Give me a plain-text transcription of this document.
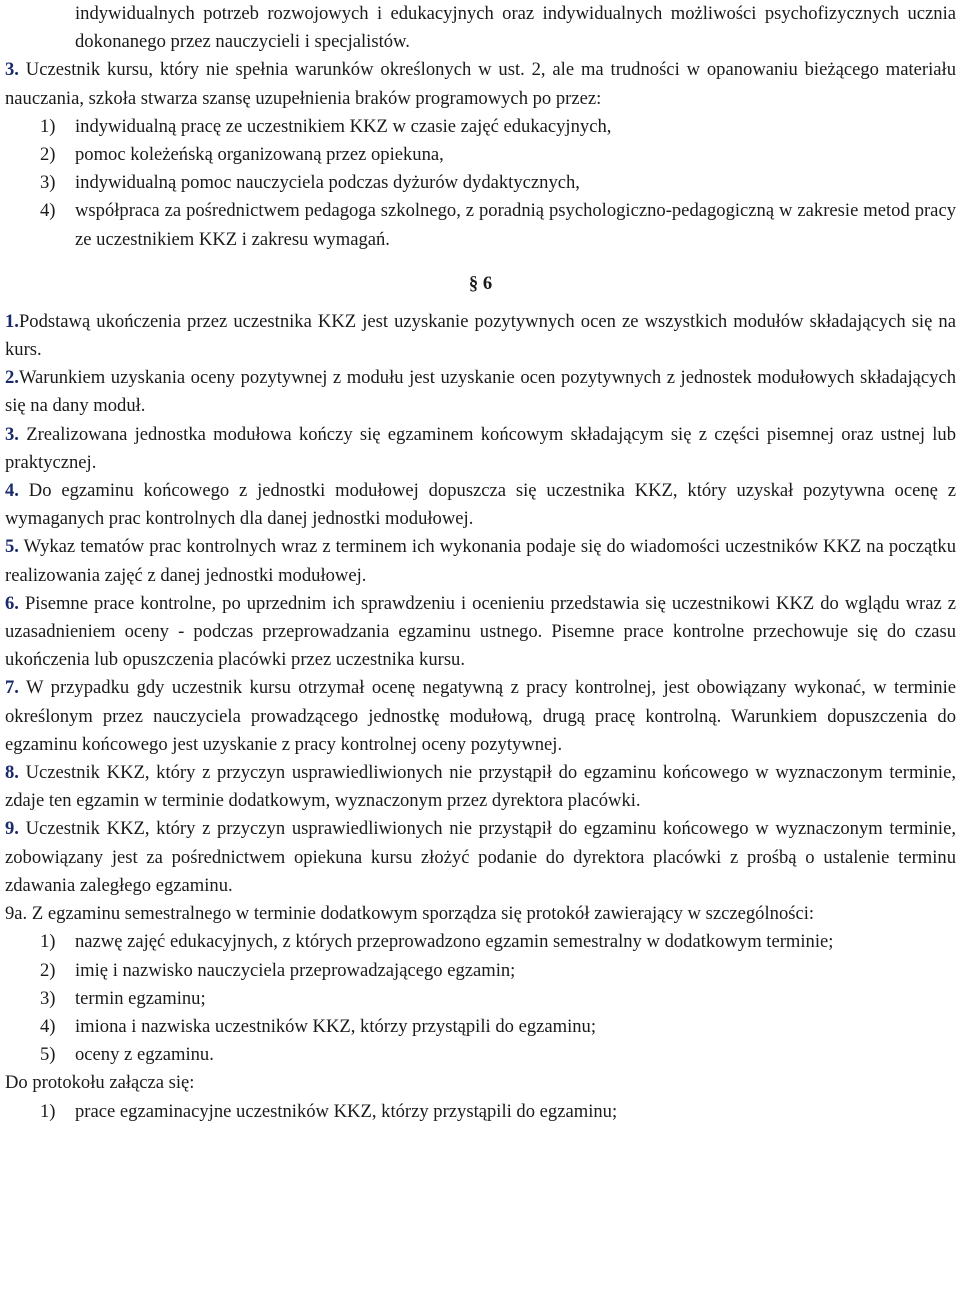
indywidualnych potrzeb rozwojowych i edukacyjnych oraz indywidualnych możliwości psychofizycznych ucznia dokonanego przez nauczycieli i specjalistów.

3. Uczestnik kursu, który nie spełnia warunków określonych w ust. 2, ale ma trudności w opanowaniu bieżącego materiału nauczania, szkoła stwarza szansę uzupełnienia braków programowych po przez:

1) indywidualną pracę ze uczestnikiem KKZ w czasie zajęć edukacyjnych,
2) pomoc koleżeńską organizowaną przez opiekuna,
3) indywidualną pomoc nauczyciela podczas dyżurów dydaktycznych,
4) współpraca za pośrednictwem pedagoga szkolnego, z poradnią psychologiczno-pedagogiczną w zakresie metod pracy ze uczestnikiem KKZ i zakresu wymagań.
§ 6

1.Podstawą ukończenia przez uczestnika KKZ jest uzyskanie pozytywnych ocen ze wszystkich modułów składających się na kurs.

2.Warunkiem uzyskania oceny pozytywnej z modułu jest uzyskanie ocen pozytywnych z jednostek modułowych składających się na dany moduł.

3. Zrealizowana jednostka modułowa kończy się egzaminem końcowym składającym się z części pisemnej oraz ustnej lub praktycznej.

4. Do egzaminu końcowego z jednostki modułowej dopuszcza się uczestnika KKZ, który uzyskał pozytywna ocenę z wymaganych prac kontrolnych dla danej jednostki modułowej.

5. Wykaz tematów prac kontrolnych wraz z terminem ich wykonania podaje się do wiadomości uczestników KKZ na początku realizowania zajęć z danej jednostki modułowej.

6. Pisemne prace kontrolne, po uprzednim ich sprawdzeniu i ocenieniu przedstawia się uczestnikowi KKZ do wglądu wraz z uzasadnieniem oceny - podczas przeprowadzania egzaminu ustnego. Pisemne prace kontrolne przechowuje się do czasu ukończenia lub opuszczenia placówki przez uczestnika kursu.

7. W przypadku gdy uczestnik kursu otrzymał ocenę negatywną z pracy kontrolnej, jest obowiązany wykonać, w terminie określonym przez nauczyciela prowadzącego jednostkę modułową, drugą pracę kontrolną. Warunkiem dopuszczenia do egzaminu końcowego jest uzyskanie z pracy kontrolnej oceny pozytywnej.

8. Uczestnik KKZ, który z przyczyn usprawiedliwionych nie przystąpił do egzaminu końcowego w wyznaczonym terminie, zdaje ten egzamin w terminie dodatkowym, wyznaczonym przez dyrektora placówki.

9. Uczestnik KKZ, który z przyczyn usprawiedliwionych nie przystąpił do egzaminu końcowego w wyznaczonym terminie, zobowiązany jest za pośrednictwem opiekuna kursu złożyć podanie do dyrektora placówki z prośbą o ustalenie terminu zdawania zaległego egzaminu.

9a. Z egzaminu semestralnego w terminie dodatkowym sporządza się protokół zawierający w szczególności:

1) nazwę zajęć edukacyjnych, z których przeprowadzono egzamin semestralny w dodatkowym terminie;
2) imię i nazwisko nauczyciela przeprowadzającego egzamin;
3) termin egzaminu;
4) imiona i nazwiska uczestników KKZ, którzy przystąpili do egzaminu;
5) oceny z egzaminu.

Do protokołu załącza się:

1) prace egzaminacyjne uczestników KKZ, którzy przystąpili do egzaminu;
